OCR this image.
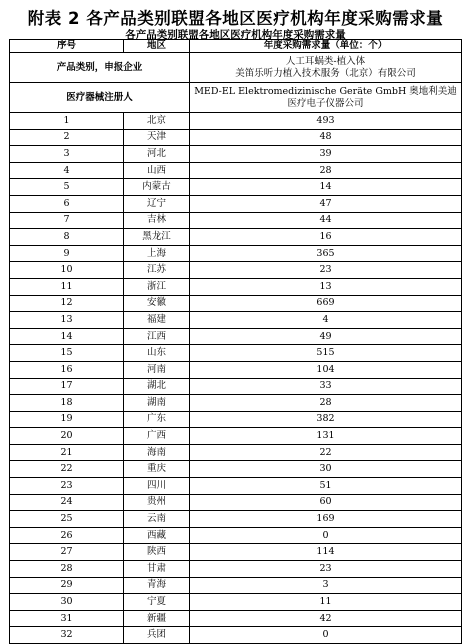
附表 2 各产品类别联盟各地区医疗机构年度采购需求量
各产品类别联盟各地区医疗机构年度采购需求量
序号	地区	年度采购需求量（单位：个）
产品类别，申报企业		人工耳蜗类-植入体
美笛乐听力植入技术服务（北京）有限公司

医疗器械注册人		MED-EL Elektromedizinische Geräte GmbH 奥地利美迪医疗电子仪器公司
1	北京	493
2	天津	48
3	河北	39
4	山西	28
5	内蒙古	14
6	辽宁	47
7	吉林	44
8	黑龙江	16
9	上海	365
10	江苏	23
11	浙江	13
12	安徽	669
13	福建	4
14	江西	49
15	山东	515
16	河南	104
17	湖北	33
18	湖南	28
19	广东	382
20	广西	131
21	海南	22
22	重庆	30
23	四川	51
24	贵州	60
25	云南	169
26	西藏	0
27	陕西	114
28	甘肃	23
29	青海	3
30	宁夏	11
31	新疆	42
32	兵团	0
